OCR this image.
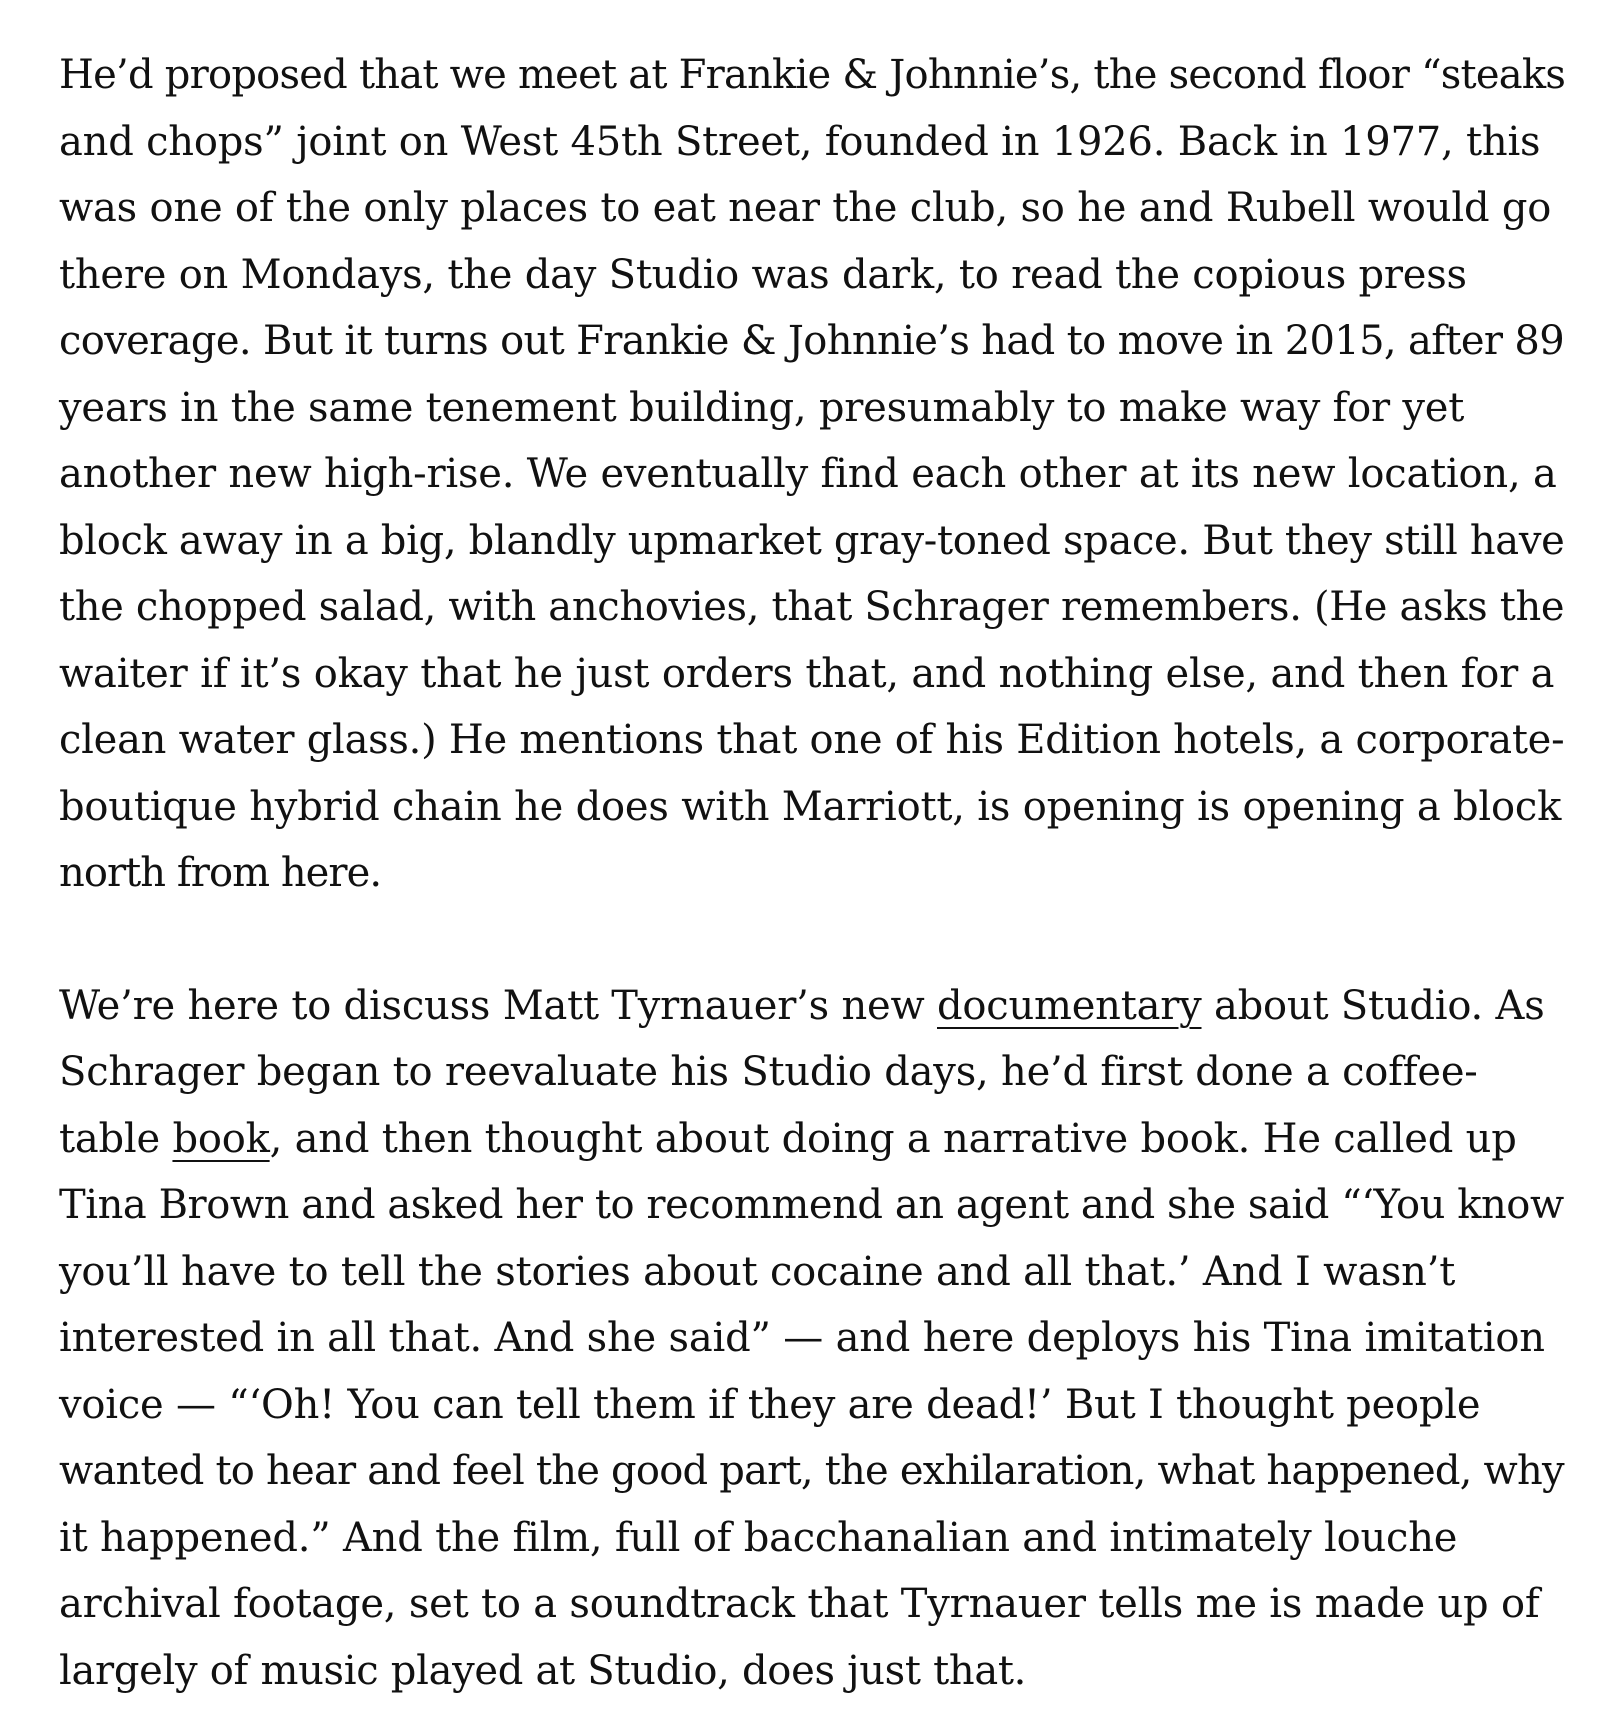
He’d proposed that we meet at Frankie & Johnnie’s, the second floor “steaks
and chops” joint on West 45th Street, founded in 1926. Back in 1977, this
was one of the only places to eat near the club, so he and Rubell would go
there on Mondays, the day Studio was dark, to read the copious press
coverage. But it turns out Frankie & Johnnie’s had to move in 2015, after 89
years in the same tenement building, presumably to make way for yet
another new high-rise. We eventually find each other at its new location, a
block away in a big, blandly upmarket gray-toned space. But they still have
the chopped salad, with anchovies, that Schrager remembers. (He asks the
waiter if it’s okay that he just orders that, and nothing else, and then for a
clean water glass.) He mentions that one of his Edition hotels, a corporate-
boutique hybrid chain he does with Marriott, is opening is opening a block
north from here.

We’re here to discuss Matt Tyrnauer’s new documentary about Studio. As
Schrager began to reevaluate his Studio days, he’d first done a coffee-
table book, and then thought about doing a narrative book. He called up
Tina Brown and asked her to recommend an agent and she said “‘You know
you’ll have to tell the stories about cocaine and all that.’ And I wasn’t
interested in all that. And she said” — and here deploys his Tina imitation
voice — “‘Oh! You can tell them if they are dead!’ But I thought people
wanted to hear and feel the good part, the exhilaration, what happened, why
it happened.” And the film, full of bacchanalian and intimately louche
archival footage, set to a soundtrack that Tyrnauer tells me is made up of
largely of music played at Studio, does just that.
